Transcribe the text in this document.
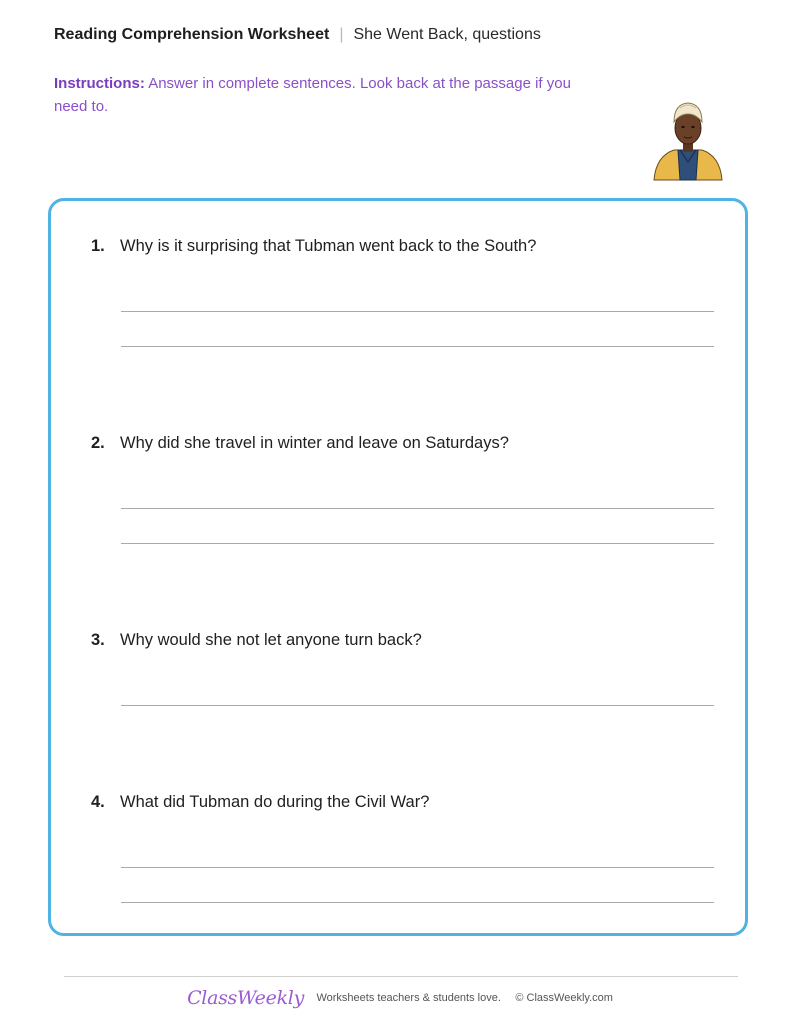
Reading Comprehension Worksheet | She Went Back, questions
Instructions: Answer in complete sentences. Look back at the passage if you need to.
1. Why is it surprising that Tubman went back to the South?
2. Why did she travel in winter and leave on Saturdays?
3. Why would she not let anyone turn back?
4. What did Tubman do during the Civil War?
ClassWeekly Worksheets teachers & students love. © ClassWeekly.com
